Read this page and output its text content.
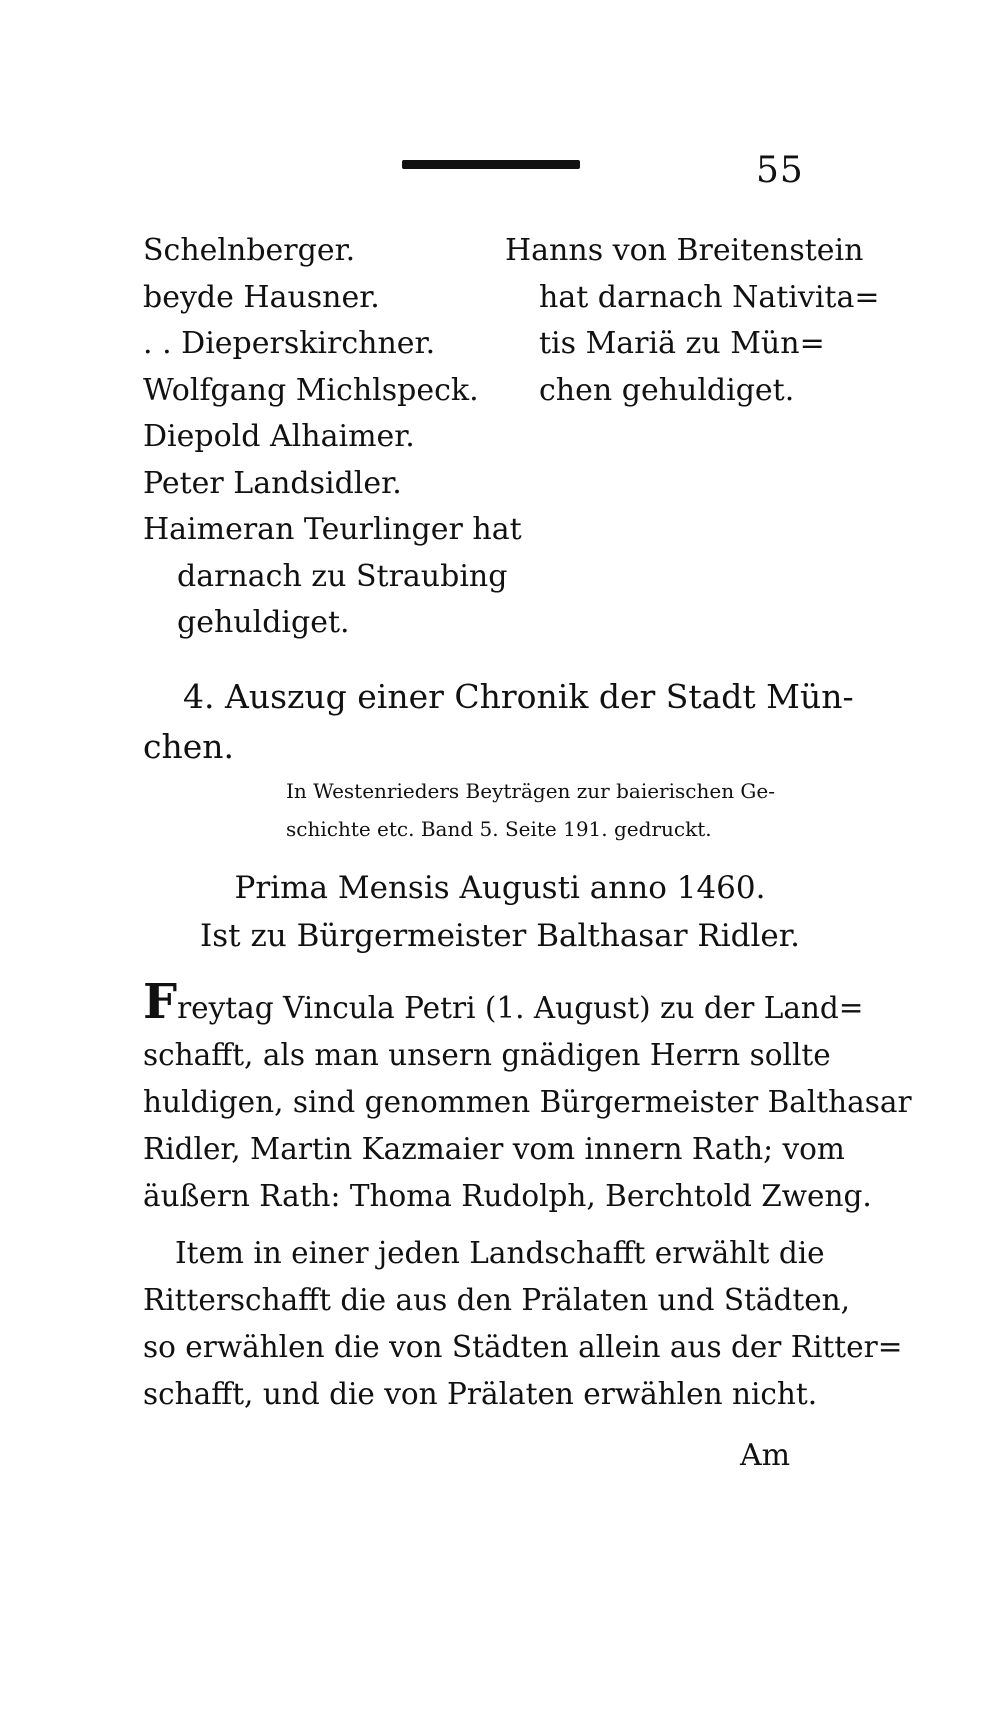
55
Schelnberger.
beyde Hausner.
. . Dieperskirchner.
Wolfgang Michlspeck.
Diepold Alhaimer.
Peter Landsidler.
Haimeran Teurlinger hat
darnach zu Straubing
gehuldiget.
Hanns von Breitenstein
hat darnach Nativita=
tis Mariä zu Mün=
chen gehuldiget.
4. Auszug einer Chronik der Stadt Mün-
chen.
In Westenrieders Beyträgen zur baierischen Ge-
schichte etc. Band 5. Seite 191. gedruckt.
Prima Mensis Augusti anno 1460.
Ist zu Bürgermeister Balthasar Ridler.
Freytag Vincula Petri (1. August) zu der Land=
schafft, als man unsern gnädigen Herrn sollte
huldigen, sind genommen Bürgermeister Balthasar
Ridler, Martin Kazmaier vom innern Rath; vom
äußern Rath: Thoma Rudolph, Berchtold Zweng.
Item in einer jeden Landschafft erwählt die
Ritterschafft die aus den Prälaten und Städten,
so erwählen die von Städten allein aus der Ritter=
schafft, und die von Prälaten erwählen nicht.
Am
